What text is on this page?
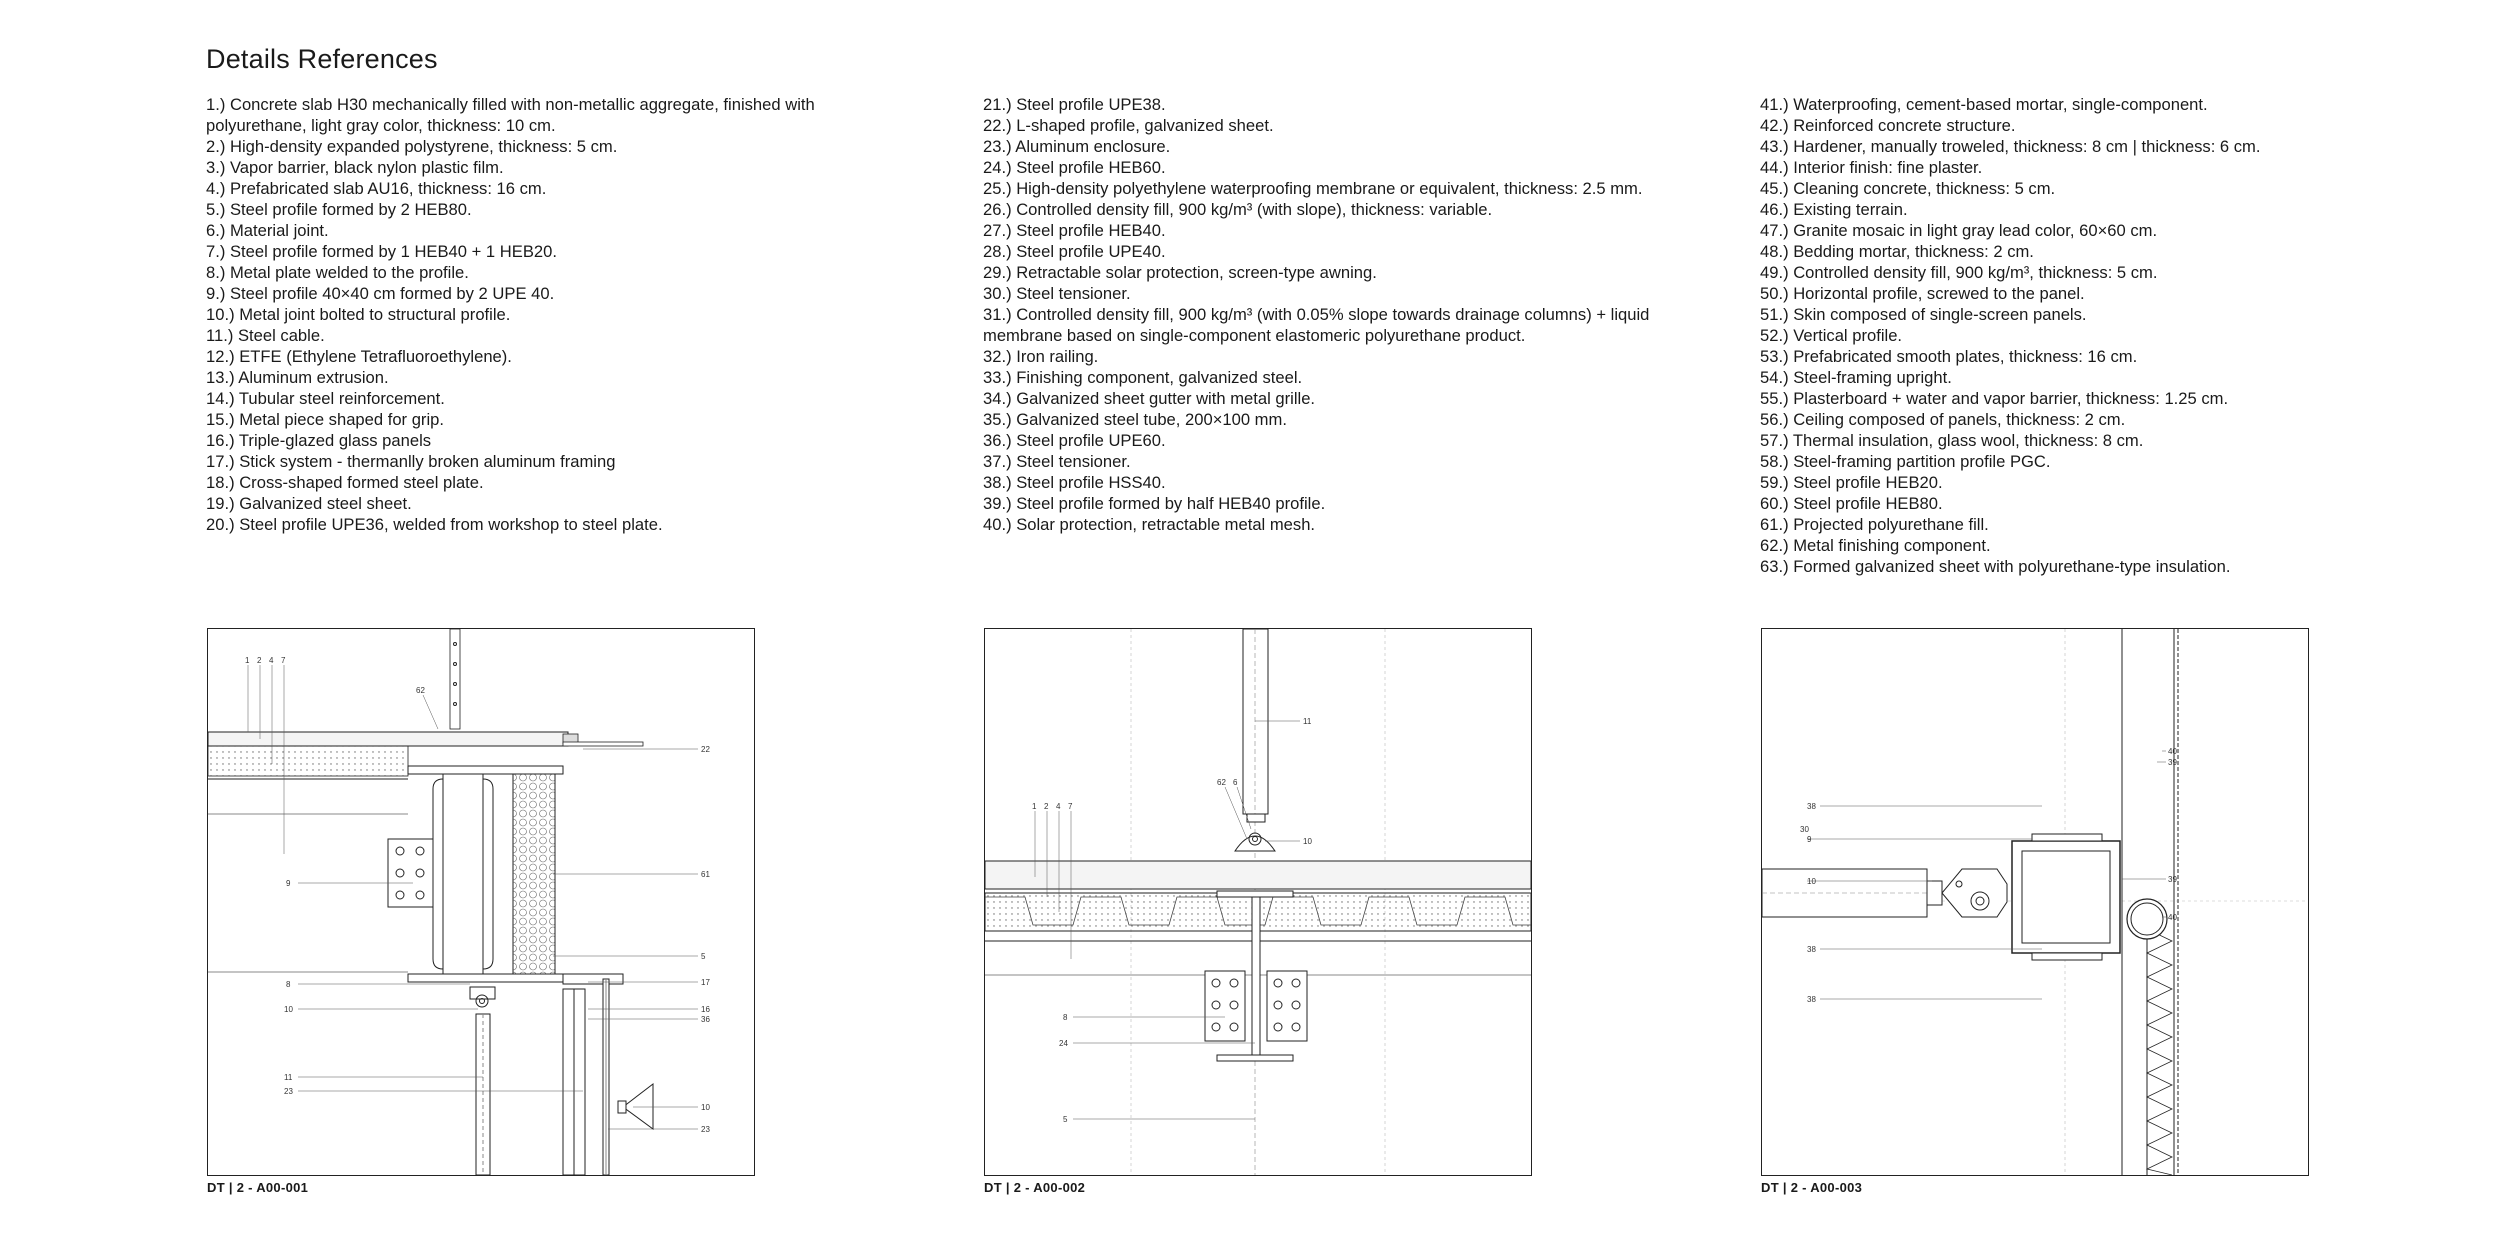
Details References
1.) Concrete slab H30 mechanically filled with non-metallic aggregate, finished with polyurethane, light gray color, thickness: 10 cm.
2.) High-density expanded polystyrene, thickness: 5 cm.
3.) Vapor barrier, black nylon plastic film.
4.) Prefabricated slab AU16, thickness: 16 cm.
5.) Steel profile formed by 2 HEB80.
6.) Material joint.
7.) Steel profile formed by 1 HEB40 + 1 HEB20.
8.) Metal plate welded to the profile.
9.) Steel profile 40×40 cm formed by 2 UPE 40.
10.) Metal joint bolted to structural profile.
11.) Steel cable.
12.) ETFE (Ethylene Tetrafluoroethylene).
13.) Aluminum extrusion.
14.) Tubular steel reinforcement.
15.) Metal piece shaped for grip.
16.) Triple-glazed glass panels
17.) Stick system - thermanlly broken aluminum framing
18.) Cross-shaped formed steel plate.
19.) Galvanized steel sheet.
20.) Steel profile UPE36, welded from workshop to steel plate.
21.) Steel profile UPE38.
22.) L-shaped profile, galvanized sheet.
23.) Aluminum enclosure.
24.) Steel profile HEB60.
25.) High-density polyethylene waterproofing membrane or equivalent, thickness: 2.5 mm.
26.) Controlled density fill, 900 kg/m³ (with slope), thickness: variable.
27.) Steel profile HEB40.
28.) Steel profile UPE40.
29.) Retractable solar protection, screen-type awning.
30.) Steel tensioner.
31.) Controlled density fill, 900 kg/m³ (with 0.05% slope towards drainage columns) + liquid membrane based on single-component elastomeric polyurethane product.
32.) Iron railing.
33.) Finishing component, galvanized steel.
34.) Galvanized sheet gutter with metal grille.
35.) Galvanized steel tube, 200×100 mm.
36.) Steel profile UPE60.
37.) Steel tensioner.
38.) Steel profile HSS40.
39.) Steel profile formed by half HEB40 profile.
40.) Solar protection, retractable metal mesh.
41.) Waterproofing, cement-based mortar, single-component.
42.) Reinforced concrete structure.
43.) Hardener, manually troweled, thickness: 8 cm | thickness: 6 cm.
44.) Interior finish: fine plaster.
45.) Cleaning concrete, thickness: 5 cm.
46.) Existing terrain.
47.) Granite mosaic in light gray lead color, 60×60 cm.
48.) Bedding mortar, thickness: 2 cm.
49.) Controlled density fill, 900 kg/m³, thickness: 5 cm.
50.) Horizontal profile, screwed to the panel.
51.) Skin composed of single-screen panels.
52.) Vertical profile.
53.) Prefabricated smooth plates, thickness: 16 cm.
54.) Steel-framing upright.
55.) Plasterboard + water and vapor barrier, thickness: 1.25 cm.
56.) Ceiling composed of panels, thickness: 2 cm.
57.) Thermal insulation, glass wool, thickness: 8 cm.
58.) Steel-framing partition profile PGC.
59.) Steel profile HEB20.
60.) Steel profile HEB80.
61.) Projected polyurethane fill.
62.) Metal finishing component.
63.) Formed galvanized sheet with polyurethane-type insulation.
1 2 4 7
62
22
9
61
5
8
10
17
16
36
11
23
10
23
DT | 2 - A00-001
11
62 6
10
1 2 4 7
8
24
5
DT | 2 - A00-002
40
39
38
30
9
10	39
40
38
38
DT | 2 - A00-003
